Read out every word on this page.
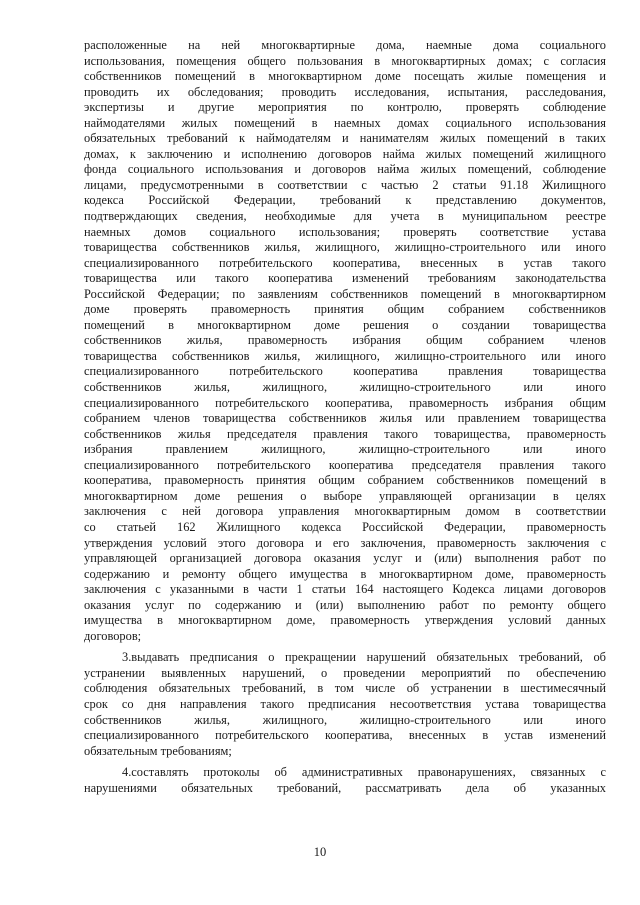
расположенные на ней многоквартирные дома, наемные дома социального
использования, помещения общего пользования в многоквартирных домах; с согласия
собственников помещений в многоквартирном доме посещать жилые помещения и
проводить их обследования; проводить исследования, испытания, расследования,
экспертизы и другие мероприятия по контролю, проверять соблюдение
наймодателями жилых помещений в наемных домах социального использования
обязательных требований к наймодателям и нанимателям жилых помещений в таких
домах, к заключению и исполнению договоров найма жилых помещений жилищного
фонда социального использования и договоров найма жилых помещений, соблюдение
лицами, предусмотренными в соответствии с частью 2 статьи 91.18 Жилищного
кодекса Российской Федерации, требований к представлению документов,
подтверждающих сведения, необходимые для учета в муниципальном реестре
наемных домов социального использования; проверять соответствие устава
товарищества собственников жилья, жилищного, жилищно-строительного или иного
специализированного потребительского кооператива, внесенных в устав такого
товарищества или такого кооператива изменений требованиям законодательства
Российской Федерации; по заявлениям собственников помещений в многоквартирном
доме проверять правомерность принятия общим собранием собственников
помещений в многоквартирном доме решения о создании товарищества
собственников жилья, правомерность избрания общим собранием членов
товарищества собственников жилья, жилищного, жилищно-строительного или иного
специализированного потребительского кооператива правления товарищества
собственников жилья, жилищного, жилищно-строительного или иного
специализированного потребительского кооператива, правомерность избрания общим
собранием членов товарищества собственников жилья или правлением товарищества
собственников жилья председателя правления такого товарищества, правомерность
избрания правлением жилищного, жилищно-строительного или иного
специализированного потребительского кооператива председателя правления такого
кооператива, правомерность принятия общим собранием собственников помещений в
многоквартирном доме решения о выборе управляющей организации в целях
заключения с ней договора управления многоквартирным домом в соответствии
со статьей 162 Жилищного кодекса Российской Федерации, правомерность
утверждения условий этого договора и его заключения, правомерность заключения с
управляющей организацией договора оказания услуг и (или) выполнения работ по
содержанию и ремонту общего имущества в многоквартирном доме, правомерность
заключения с указанными в части 1 статьи 164 настоящего Кодекса лицами договоров
оказания услуг по содержанию и (или) выполнению работ по ремонту общего
имущества в многоквартирном доме, правомерность утверждения условий данных
договоров;
3.выдавать предписания о прекращении нарушений обязательных требований, об
устранении выявленных нарушений, о проведении мероприятий по обеспечению
соблюдения обязательных требований, в том числе об устранении в шестимесячный
срок со дня направления такого предписания несоответствия устава товарищества
собственников жилья, жилищного, жилищно-строительного или иного
специализированного потребительского кооператива, внесенных в устав изменений
обязательным требованиям;
4.составлять протоколы об административных правонарушениях, связанных с
нарушениями обязательных требований, рассматривать дела об указанных
10
